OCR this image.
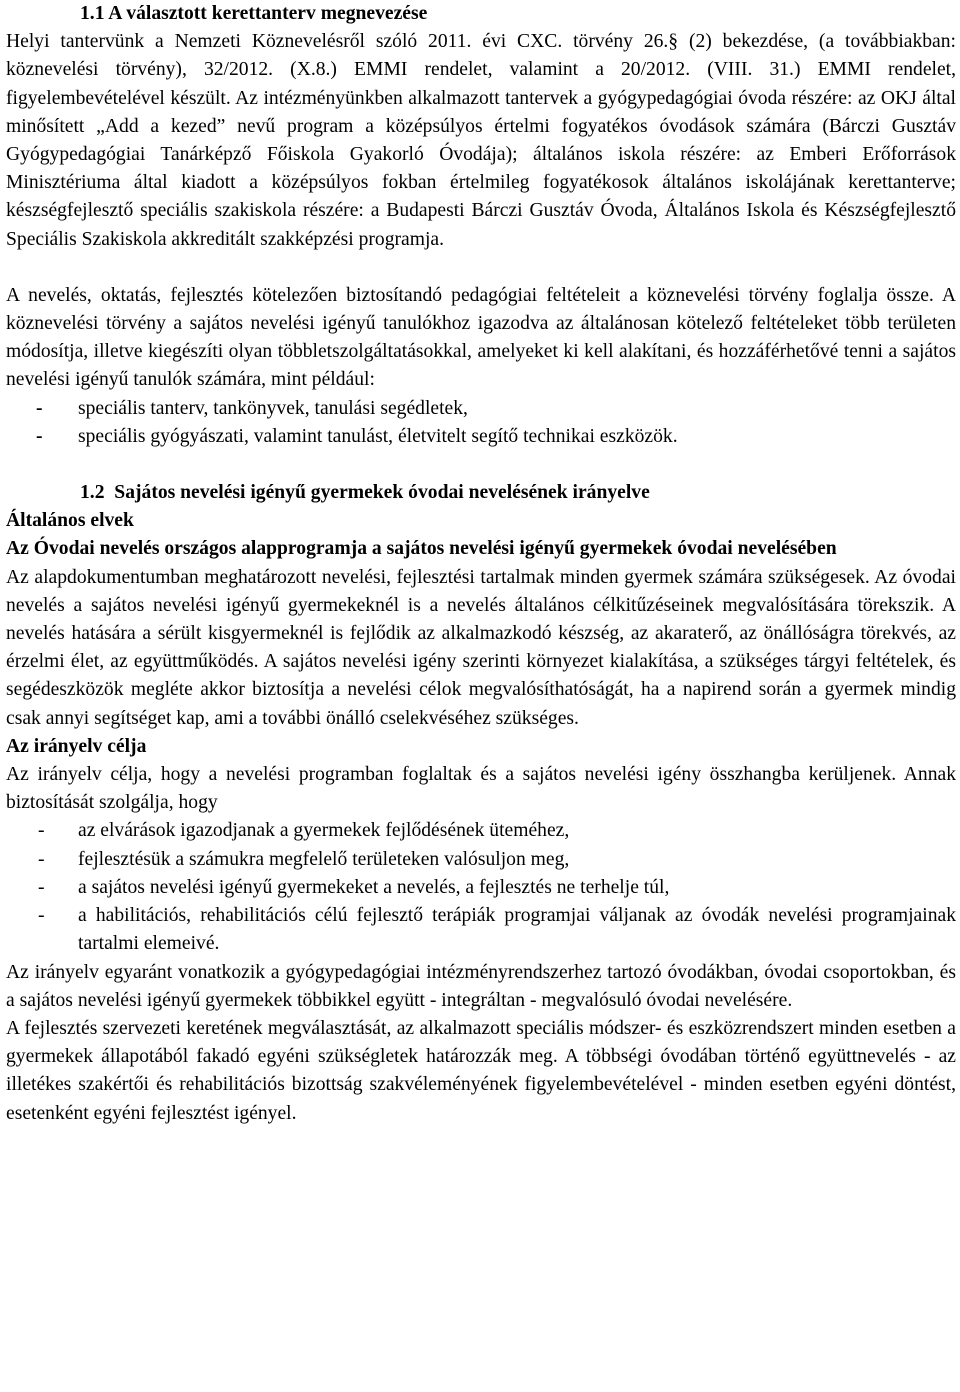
1.1 A választott kerettanterv megnevezése

Helyi tantervünk a Nemzeti Köznevelésről szóló 2011. évi CXC. törvény 26.§ (2) bekezdése, (a továbbiakban: köznevelési törvény), 32/2012. (X.8.) EMMI rendelet, valamint a 20/2012. (VIII. 31.) EMMI rendelet, figyelembevételével készült. Az intézményünkben alkalmazott tantervek a gyógypedagógiai óvoda részére: az OKJ által minősített „Add a kezed” nevű program a középsúlyos értelmi fogyatékos óvodások számára (Bárczi Gusztáv Gyógypedagógiai Tanárképző Főiskola Gyakorló Óvodája); általános iskola részére: az Emberi Erőforrások Minisztériuma által kiadott a középsúlyos fokban értelmileg fogyatékosok általános iskolájának kerettanterve; készségfejlesztő speciális szakiskola részére: a Budapesti Bárczi Gusztáv Óvoda, Általános Iskola és Készségfejlesztő Speciális Szakiskola akkreditált szakképzési programja.

A nevelés, oktatás, fejlesztés kötelezően biztosítandó pedagógiai feltételeit a köznevelési törvény foglalja össze. A köznevelési törvény a sajátos nevelési igényű tanulókhoz igazodva az általánosan kötelező feltételeket több területen módosítja, illetve kiegészíti olyan többletszolgáltatásokkal, amelyeket ki kell alakítani, és hozzáférhetővé tenni a sajátos nevelési igényű tanulók számára, mint például:

- speciális tanterv, tankönyvek, tanulási segédletek,
- speciális gyógyászati, valamint tanulást, életvitelt segítő technikai eszközök.
1.2 Sajátos nevelési igényű gyermekek óvodai nevelésének irányelve
Általános elvek
Az Óvodai nevelés országos alapprogramja a sajátos nevelési igényű gyermekek óvodai nevelésében

Az alapdokumentumban meghatározott nevelési, fejlesztési tartalmak minden gyermek számára szükségesek. Az óvodai nevelés a sajátos nevelési igényű gyermekeknél is a nevelés általános célkitűzéseinek megvalósítására törekszik. A nevelés hatására a sérült kisgyermeknél is fejlődik az alkalmazkodó készség, az akaraterő, az önállóságra törekvés, az érzelmi élet, az együttműködés. A sajátos nevelési igény szerinti környezet kialakítása, a szükséges tárgyi feltételek, és segédeszközök megléte akkor biztosítja a nevelési célok megvalósíthatóságát, ha a napirend során a gyermek mindig csak annyi segítséget kap, ami a további önálló cselekvéséhez szükséges.

Az irányelv célja

Az irányelv célja, hogy a nevelési programban foglaltak és a sajátos nevelési igény összhangba kerüljenek. Annak biztosítását szolgálja, hogy

- az elvárások igazodjanak a gyermekek fejlődésének üteméhez,
- fejlesztésük a számukra megfelelő területeken valósuljon meg,
- a sajátos nevelési igényű gyermekeket a nevelés, a fejlesztés ne terhelje túl,
- a habilitációs, rehabilitációs célú fejlesztő terápiák programjai váljanak az óvodák nevelési programjainak tartalmi elemeivé.

Az irányelv egyaránt vonatkozik a gyógypedagógiai intézményrendszerhez tartozó óvodákban, óvodai csoportokban, és a sajátos nevelési igényű gyermekek többikkel együtt - integráltan - megvalósuló óvodai nevelésére.

A fejlesztés szervezeti keretének megválasztását, az alkalmazott speciális módszer- és eszközrendszert minden esetben a gyermekek állapotából fakadó egyéni szükségletek határozzák meg. A többségi óvodában történő együttnevelés - az illetékes szakértői és rehabilitációs bizottság szakvéleményének figyelembevételével - minden esetben egyéni döntést, esetenként egyéni fejlesztést igényel.
